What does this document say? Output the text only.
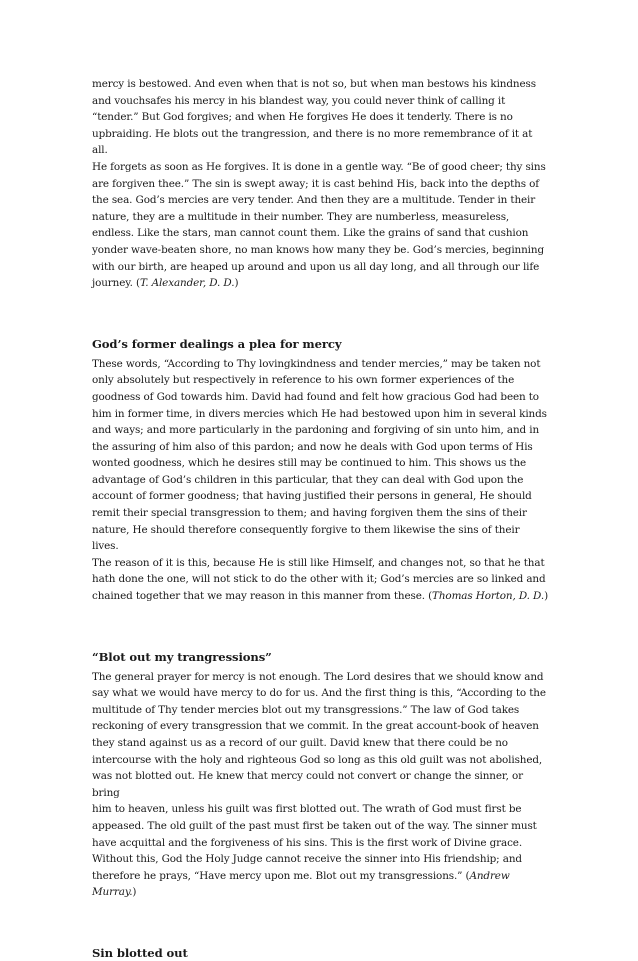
mercy is bestowed. And even when that is not so, but when man bestows his kindness
and vouchsafes his mercy in his blandest way, you could never think of calling it
“tender.” But God forgives; and when He forgives He does it tenderly. There is no
upbraiding. He blots out the trangression, and there is no more remembrance of it at all.
He forgets as soon as He forgives. It is done in a gentle way. “Be of good cheer; thy sins
are forgiven thee.” The sin is swept away; it is cast behind His, back into the depths of
the sea. God’s mercies are very tender. And then they are a multitude. Tender in their
nature, they are a multitude in their number. They are numberless, measureless,
endless. Like the stars, man cannot count them. Like the grains of sand that cushion
yonder wave-beaten shore, no man knows how many they be. God’s mercies, beginning
with our birth, are heaped up around and upon us all day long, and all through our life
journey. (T. Alexander, D. D.)

God’s former dealings a plea for mercy

These words, “According to Thy lovingkindness and tender mercies,” may be taken not
only absolutely but respectively in reference to his own former experiences of the
goodness of God towards him. David had found and felt how gracious God had been to
him in former time, in divers mercies which He had bestowed upon him in several kinds
and ways; and more particularly in the pardoning and forgiving of sin unto him, and in
the assuring of him also of this pardon; and now he deals with God upon terms of His
wonted goodness, which he desires still may be continued to him. This shows us the
advantage of God’s children in this particular, that they can deal with God upon the
account of former goodness; that having justified their persons in general, He should
remit their special transgression to them; and having forgiven them the sins of their
nature, He should therefore consequently forgive to them likewise the sins of their lives.
The reason of it is this, because He is still like Himself, and changes not, so that he that
hath done the one, will not stick to do the other with it; God’s mercies are so linked and
chained together that we may reason in this manner from these. (Thomas Horton, D. D.)

“Blot out my trangressions”

The general prayer for mercy is not enough. The Lord desires that we should know and
say what we would have mercy to do for us. And the first thing is this, “According to the
multitude of Thy tender mercies blot out my transgressions.” The law of God takes
reckoning of every transgression that we commit. In the great account-book of heaven
they stand against us as a record of our guilt. David knew that there could be no
intercourse with the holy and righteous God so long as this old guilt was not abolished,
was not blotted out. He knew that mercy could not convert or change the sinner, or bring
him to heaven, unless his guilt was first blotted out. The wrath of God must first be
appeased. The old guilt of the past must first be taken out of the way. The sinner must
have acquittal and the forgiveness of his sins. This is the first work of Divine grace.
Without this, God the Holy Judge cannot receive the sinner into His friendship; and
therefore he prays, “Have mercy upon me. Blot out my transgressions.” (Andrew
Murray.)

Sin blotted out
